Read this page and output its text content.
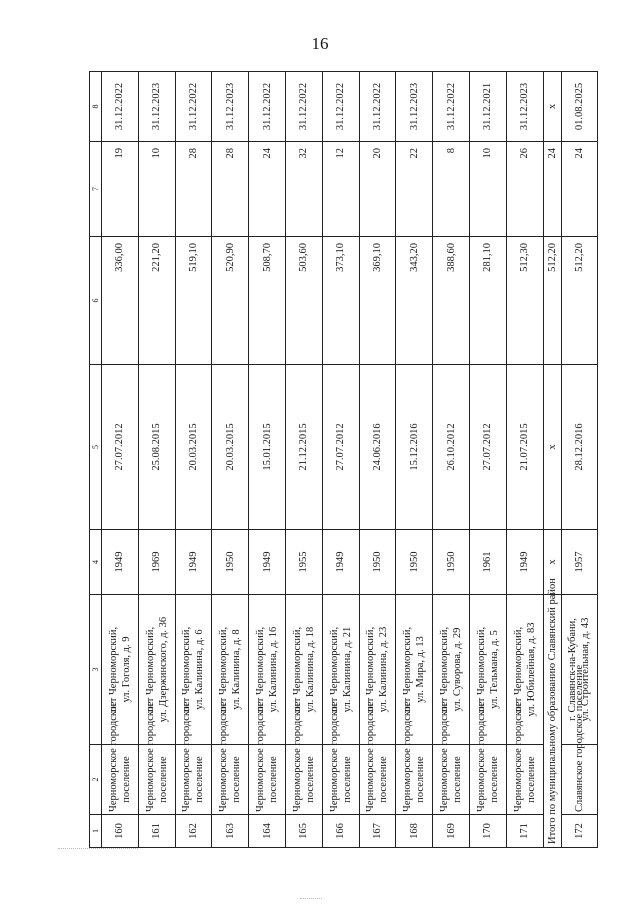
16
1	2	3	4	5	6	7	8
160	Черноморское городское поселение	пгт Черноморский, ул. Гоголя, д. 9	1949	27.07.2012	336,00	19	31.12.2022
161	Черноморское городское поселение	пгт Черноморский, ул. Дзержинского, д. 36	1969	25.08.2015	221,20	10	31.12.2023
162	Черноморское городское поселение	пгт Черноморский, ул. Калинина, д. 6	1949	20.03.2015	519,10	28	31.12.2022
163	Черноморское городское поселение	пгт Черноморский, ул. Калинина, д. 8	1950	20.03.2015	520,90	28	31.12.2023
164	Черноморское городское поселение	пгт Черноморский, ул. Калинина, д. 16	1949	15.01.2015	508,70	24	31.12.2022
165	Черноморское городское поселение	пгт Черноморский, ул. Калинина, д. 18	1955	21.12.2015	503,60	32	31.12.2022
166	Черноморское городское поселение	пгт Черноморский, ул. Калинина, д. 21	1949	27.07.2012	373,10	12	31.12.2022
167	Черноморское городское поселение	пгт Черноморский, ул. Калинина, д. 23	1950	24.06.2016	369,10	20	31.12.2022
168	Черноморское городское поселение	пгт Черноморский, ул. Мира, д. 13	1950	15.12.2016	343,20	22	31.12.2023
169	Черноморское городское поселение	пгт Черноморский, ул. Суворова, д. 29	1950	26.10.2012	388,60	8	31.12.2022
170	Черноморское городское поселение	пгт Черноморский, ул. Тельмана, д. 5	1961	27.07.2012	281,10	10	31.12.2021
171	Черноморское городское поселение	пгт Черноморский, ул. Юбилейная, д. 83	1949	21.07.2015	512,30	26	31.12.2023
Итого по муниципальному образованию Славянский район			x	x	512,20	24	x
172	Славянское городское поселение	г. Славянск-на-Кубани, ул. Строительная, д. 43	1957	28.12.2016	512,20	24	01.08.2025
